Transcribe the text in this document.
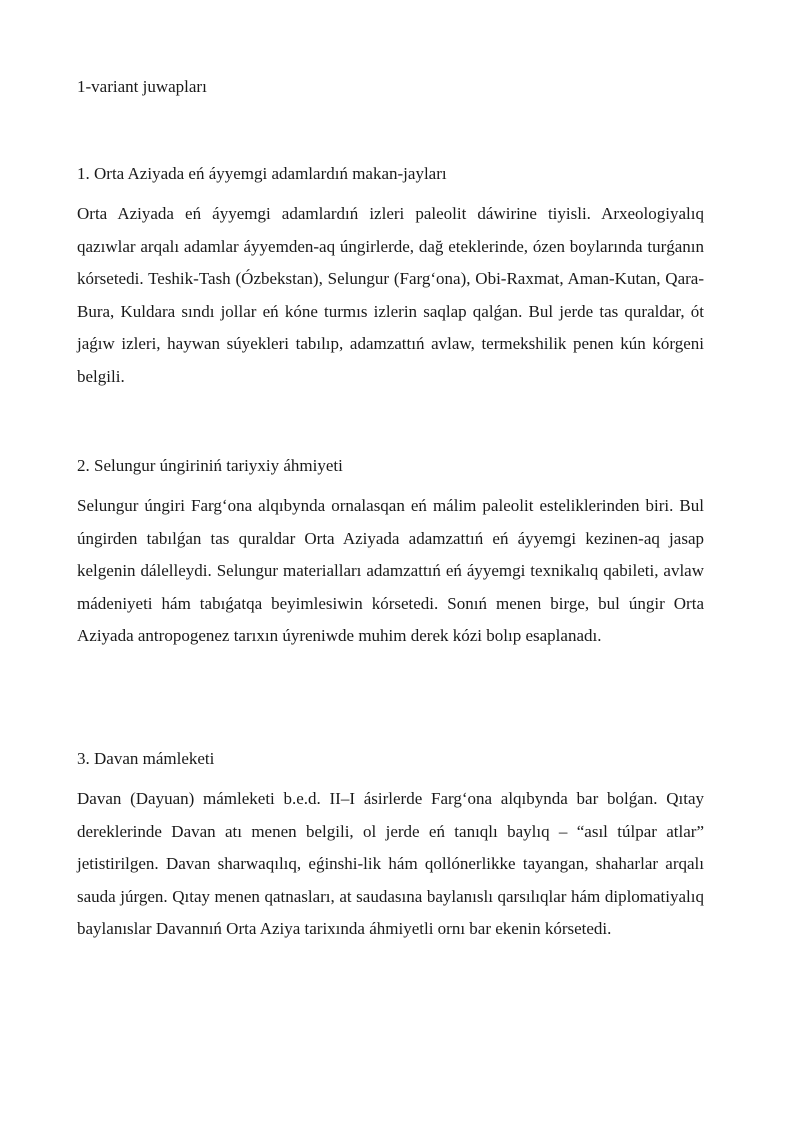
1-variant juwapları
1. Orta Aziyada eń áyyemgi adamlardıń makan-jayları

Orta Aziyada eń áyyemgi adamlardıń izleri paleolit dáwirine tiyisli. Arxeologiyalıq qazıwlar arqalı adamlar áyyemden-aq úngirlerde, dağ eteklerinde, ózen boylarında turǵanın kórsetedi. Teshik-Tash (Ózbekstan), Selungur (Farg‘ona), Obi-Raxmat, Aman-Kutan, Qara-Bura, Kuldara sındı jollar eń kóne turmıs izlerin saqlap qalǵan. Bul jerde tas quraldar, ót jaǵıw izleri, haywan súyekleri tabılıp, adamzattıń avlaw, termekshilik penen kún kórgeni belgili.

2. Selungur úngiriniń tariyxiy áhmiyeti

Selungur úngiri Farg‘ona alqıbynda ornalasqan eń málim paleolit esteliklerinden biri. Bul úngirden tabılǵan tas quraldar Orta Aziyada adamzattıń eń áyyemgi kezinen-aq jasap kelgenin dálelleydi. Selungur materialları adamzattıń eń áyyemgi texnikalıq qabileti, avlaw mádeniyeti hám tabıǵatqa beyimlesiwin kórsetedi. Sonıń menen birge, bul úngir Orta Aziyada antropogenez tarıxın úyreniwde muhim derek kózi bolıp esaplanadı.

3. Davan mámleketi

Davan (Dayuan) mámleketi b.e.d. II–I ásirlerde Farg‘ona alqıbynda bar bolǵan. Qıtay dereklerinde Davan atı menen belgili, ol jerde eń tanıqlı baylıq – “asıl túlpar atlar” jetistirilgen. Davan sharwaqılıq, eǵinshi-lik hám qollónerlikke tayangan, shaharlar arqalı sauda júrgen. Qıtay menen qatnasları, at saudasına baylanıslı qarsılıqlar hám diplomatiyalıq baylanıslar Davannıń Orta Aziya tarixında áhmiyetli ornı bar ekenin kórsetedi.
